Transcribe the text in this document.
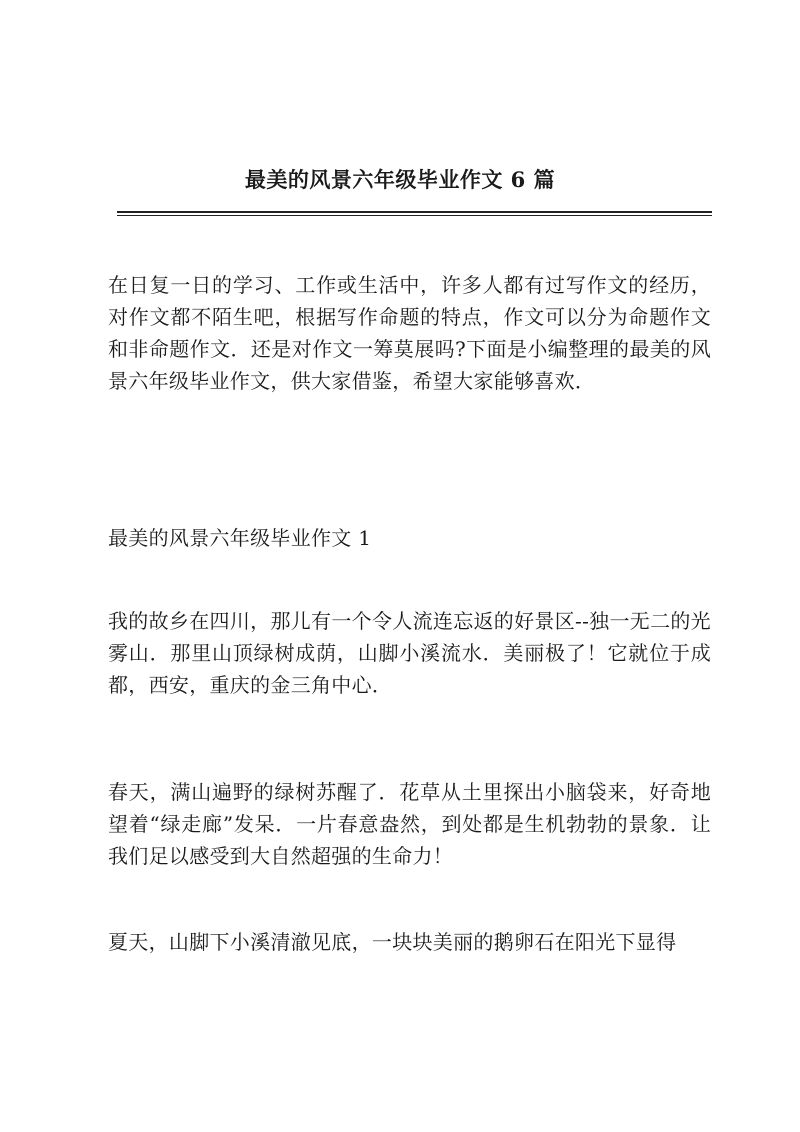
最美的风景六年级毕业作文 6 篇

在日复一日的学习、工作或生活中，许多人都有过写作文的经历，对作文都不陌生吧，根据写作命题的特点，作文可以分为命题作文和非命题作文．还是对作文一筹莫展吗?下面是小编整理的最美的风景六年级毕业作文，供大家借鉴，希望大家能够喜欢．

最美的风景六年级毕业作文 1

我的故乡在四川，那儿有一个令人流连忘返的好景区--独一无二的光雾山．那里山顶绿树成荫，山脚小溪流水．美丽极了！它就位于成都，西安，重庆的金三角中心．

春天，满山遍野的绿树苏醒了．花草从土里探出小脑袋来，好奇地望着“绿走廊”发呆．一片春意盎然，到处都是生机勃勃的景象．让我们足以感受到大自然超强的生命力！

夏天，山脚下小溪清澈见底，一块块美丽的鹅卵石在阳光下显得
